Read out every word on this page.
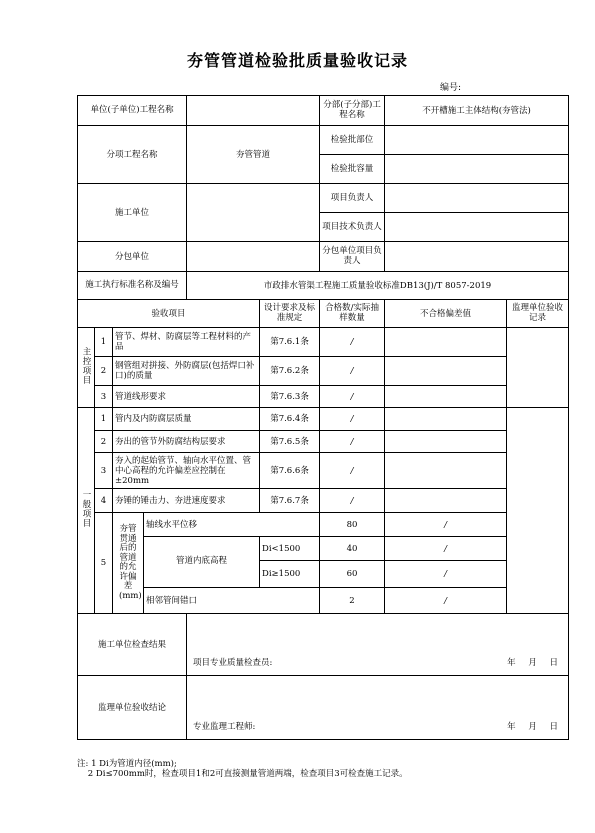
夯管管道检验批质量验收记录
编号:
单位(子单位)工程名称						分部(子分部)工程名称	不开槽施工主体结构(夯管法)		
分项工程名称				夯管管道		检验批部位			
						检验批容量			
施工单位						项目负责人			
						项目技术负责人			
分包单位						分包单位项目负责人			

施工执行标准名称及编号				市政排水管渠工程施工质量验收标准DB13(J)/T 8057-2019					
验收项目					设计要求及标准规定	合格数/实际抽样数量	不合格偏差值	监理单位验收记录	

主控项目	1	管节、焊材、防腐层等工程材料的产品			第7.6.1条	/			
	2	钢管组对拼接、外防腐层(包括焊口补口)的质量			第7.6.2条	/			
	3	管道线形要求			第7.6.3条	/			
一般项目	1	管内及内防腐层质量			第7.6.4条	/			
	2	夯出的管节外防腐结构层要求			第7.6.5条	/			
	3	夯入的起始管节、轴向水平位置、管中心高程的允许偏差应控制在±20mm			第7.6.6条	/			
	4	夯锤的锤击力、夯进速度要求			第7.6.7条	/			
	5	夯管贯通后的管道的允许偏差(mm)	轴线水平位移			80	/		

			管道内底高程		Di<1500	40	/		
					Di≥1500	60	/		
			相邻管间错口			2	/		
施工单位检查结果				项目专业质量检查员: 年 月 日					

监理单位验收结论				专业监理工程师: 年 月 日					
注: 1 Di为管道内径(mm);
2 Di≤700mm时，检查项目1和2可直接测量管道两端，检查项目3可检查施工记录。
